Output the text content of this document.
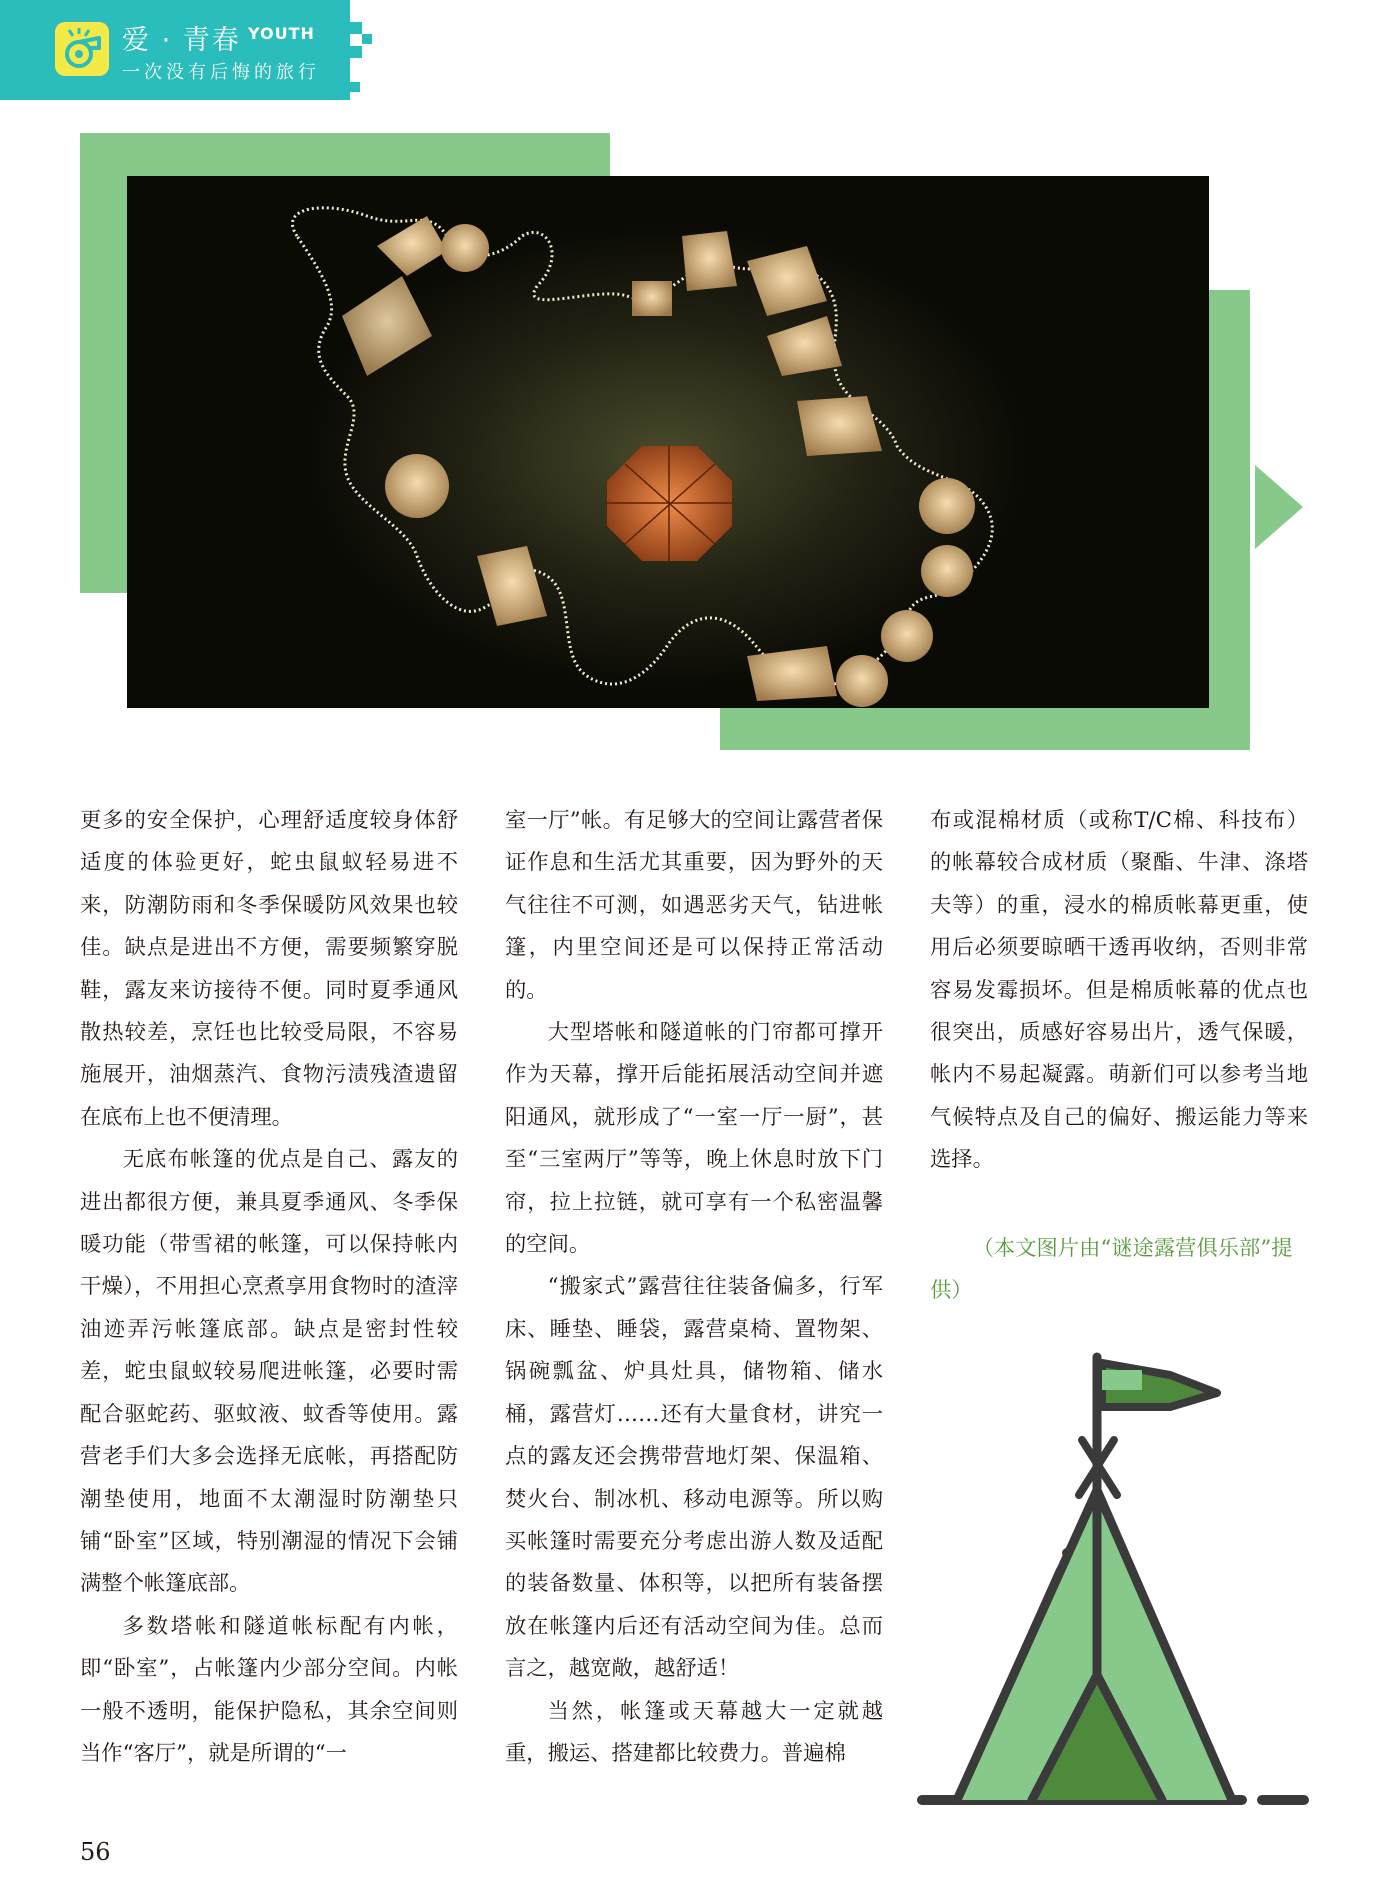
爱 · 青春 YOUTH
一次没有后悔的旅行

更多的安全保护，心理舒适度较身体舒适度的体验更好，蛇虫鼠蚁轻易进不来，防潮防雨和冬季保暖防风效果也较佳。缺点是进出不方便，需要频繁穿脱鞋，露友来访接待不便。同时夏季通风散热较差，烹饪也比较受局限，不容易施展开，油烟蒸汽、食物污渍残渣遗留在底布上也不便清理。

无底布帐篷的优点是自己、露友的进出都很方便，兼具夏季通风、冬季保暖功能（带雪裙的帐篷，可以保持帐内干燥），不用担心烹煮享用食物时的渣滓油迹弄污帐篷底部。缺点是密封性较差，蛇虫鼠蚁较易爬进帐篷，必要时需配合驱蛇药、驱蚊液、蚊香等使用。露营老手们大多会选择无底帐，再搭配防潮垫使用，地面不太潮湿时防潮垫只铺“卧室”区域，特别潮湿的情况下会铺满整个帐篷底部。

多数塔帐和隧道帐标配有内帐，即“卧室”，占帐篷内少部分空间。内帐一般不透明，能保护隐私，其余空间则当作“客厅”，就是所谓的“一

室一厅”帐。有足够大的空间让露营者保证作息和生活尤其重要，因为野外的天气往往不可测，如遇恶劣天气，钻进帐篷，内里空间还是可以保持正常活动的。

大型塔帐和隧道帐的门帘都可撑开作为天幕，撑开后能拓展活动空间并遮阳通风，就形成了“一室一厅一厨”，甚至“三室两厅”等等，晚上休息时放下门帘，拉上拉链，就可享有一个私密温馨的空间。

“搬家式”露营往往装备偏多，行军床、睡垫、睡袋，露营桌椅、置物架、锅碗瓢盆、炉具灶具，储物箱、储水桶，露营灯……还有大量食材，讲究一点的露友还会携带营地灯架、保温箱、焚火台、制冰机、移动电源等。所以购买帐篷时需要充分考虑出游人数及适配的装备数量、体积等，以把所有装备摆放在帐篷内后还有活动空间为佳。总而言之，越宽敞，越舒适！

当然，帐篷或天幕越大一定就越重，搬运、搭建都比较费力。普遍棉

布或混棉材质（或称T/C棉、科技布）的帐幕较合成材质（聚酯、牛津、涤塔夫等）的重，浸水的棉质帐幕更重，使用后必须要晾晒干透再收纳，否则非常容易发霉损坏。但是棉质帐幕的优点也很突出，质感好容易出片，透气保暖，帐内不易起凝露。萌新们可以参考当地气候特点及自己的偏好、搬运能力等来选择。

（本文图片由“谜途露营俱乐部”提供）
56
